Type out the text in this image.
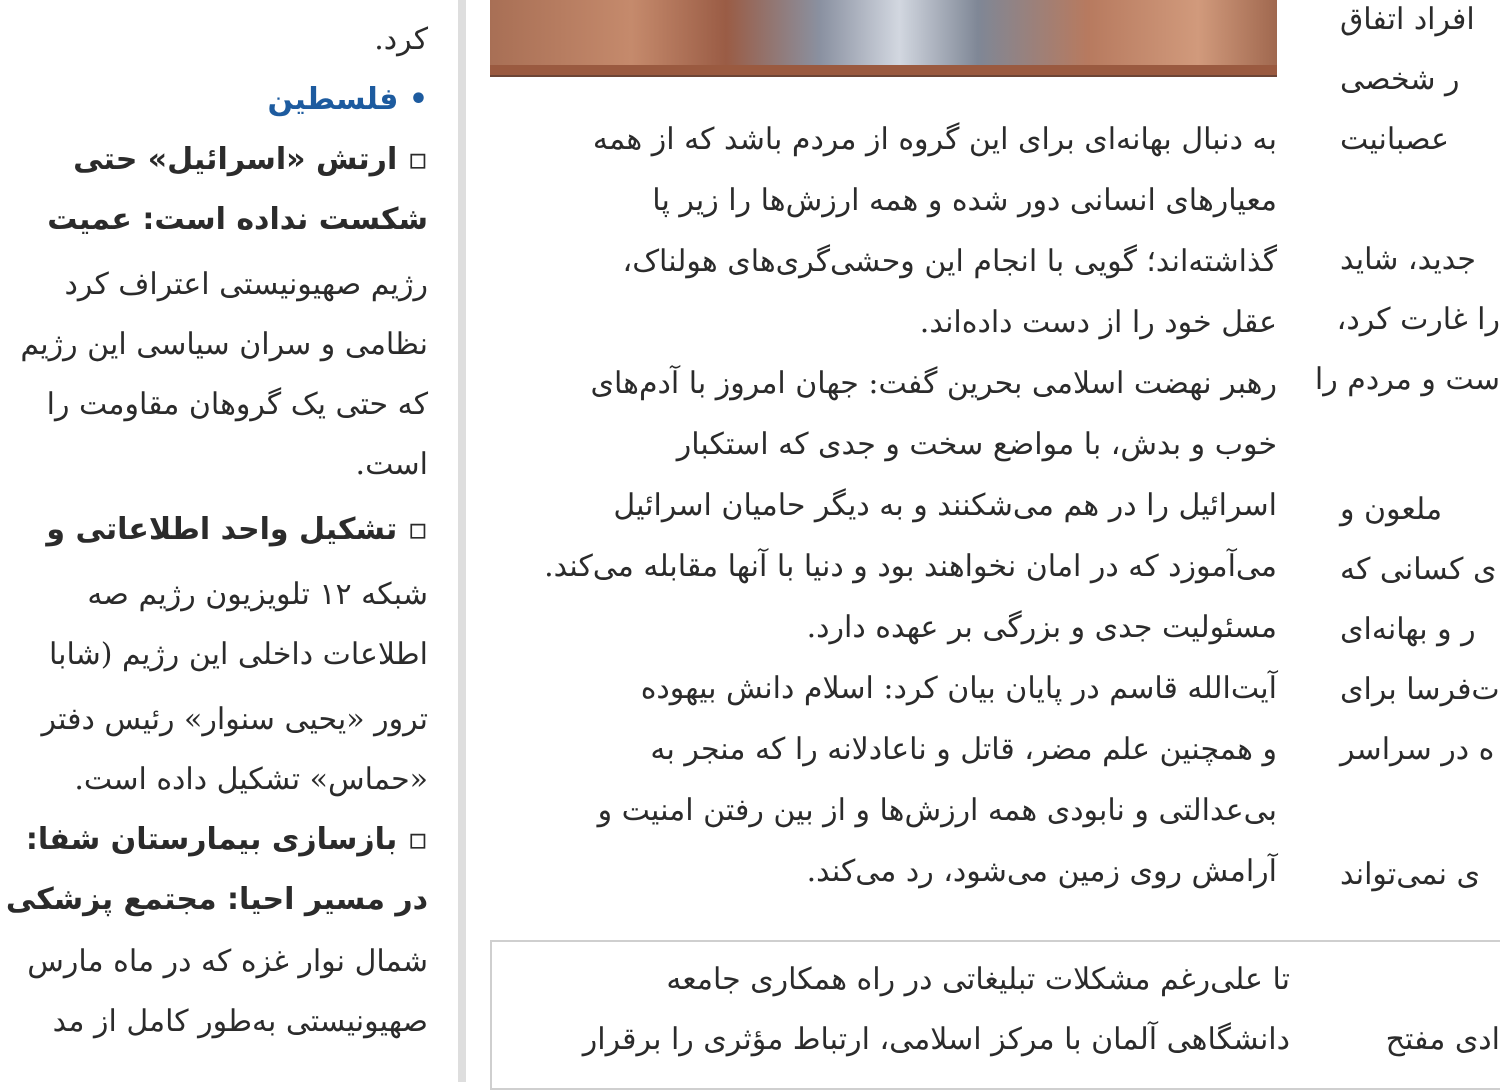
کرد.
• فلسطین
▫ ارتش «اسرائیل» حتی
شکست نداده است: عمیت
رژیم صهیونیستی اعتراف کرد
نظامی و سران سیاسی این رژیم
که حتی یک گروهان مقاومت را
است.
▫ تشکیل واحد اطلاعاتی و
شبکه ۱۲ تلویزیون رژیم صه
اطلاعات داخلی این رژیم (شابا
ترور «یحیی سنوار» رئیس دفتر
«حماس» تشکیل داده است.
▫ بازسازی بیمارستان شفا:
در مسیر احیا: مجتمع پزشکی
شمال نوار غزه که در ماه مارس
صهیونیستی به‌طور کامل از مد
به دنبال بهانه‌ای برای این گروه از مردم باشد که از همه
معیارهای انسانی دور شده و همه ارزش‌ها را زیر پا
گذاشته‌اند؛ گویی با انجام این وحشی‌گری‌های هولناک،
عقل خود را از دست داده‌اند.
رهبر نهضت اسلامی بحرین گفت: جهان امروز با آدم‌های
خوب و بدش، با مواضع سخت و جدی که استکبار
اسرائیل را در هم می‌شکنند و به دیگر حامیان اسرائیل
می‌آموزد که در امان نخواهند بود و دنیا با آنها مقابله می‌کند.
مسئولیت جدی و بزرگی بر عهده دارد.
آیت‌الله قاسم در پایان بیان کرد: اسلام دانش بیهوده
و همچنین علم مضر، قاتل و ناعادلانه را که منجر به
بی‌عدالتی و نابودی همه ارزش‌ها و از بین رفتن امنیت و
آرامش روی زمین می‌شود، رد می‌کند.
تا علی‌رغم مشکلات تبلیغاتی در راه همکاری جامعه
دانشگاهی آلمان با مرکز اسلامی، ارتباط مؤثری را برقرار	ادی مفتح
افراد اتفاق
ر شخصی
عصبانیت
جدید، شاید
را غارت کرد،
ست و مردم را
ملعون و
ی کسانی که
ر و بهانه‌ای
ت‌فرسا برای
ه در سراسر
ی نمی‌تواند
